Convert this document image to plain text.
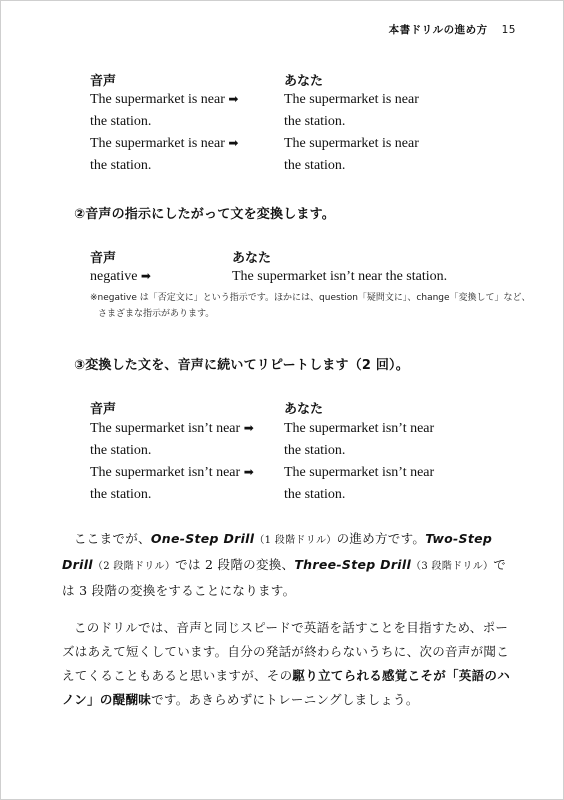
本書ドリルの進め方 15
音声	あなた
The supermarket is near ➡	The supermarket is near
the station.	the station.
The supermarket is near ➡	The supermarket is near
the station.	the station.
②音声の指示にしたがって文を変換します。
音声	あなた
negative ➡	The supermarket isn’t near the station.
※negative は「否定文に」という指示です。ほかには、question「疑問文に」、change「変換して」など、
さまざまな指示があります。
③変換した文を、音声に続いてリピートします（2 回）。
音声	あなた
The supermarket isn’t near ➡ The supermarket isn’t near
the station.	the station.
The supermarket isn’t near ➡ The supermarket isn’t near
the station.	the station.
ここまでが、One-Step Drill（1 段階ドリル）の進め方です。Two-Step Drill（2 段階ドリル）では 2 段階の変換、Three-Step Drill（3 段階ドリル）では 3 段階の変換をすることになります。
このドリルでは、音声と同じスピードで英語を話すことを目指すため、ポーズはあえて短くしています。自分の発話が終わらないうちに、次の音声が聞こえてくることもあると思いますが、その駆り立てられる感覚こそが「英語のハノン」の醍醐味です。あきらめずにトレーニングしましょう。
